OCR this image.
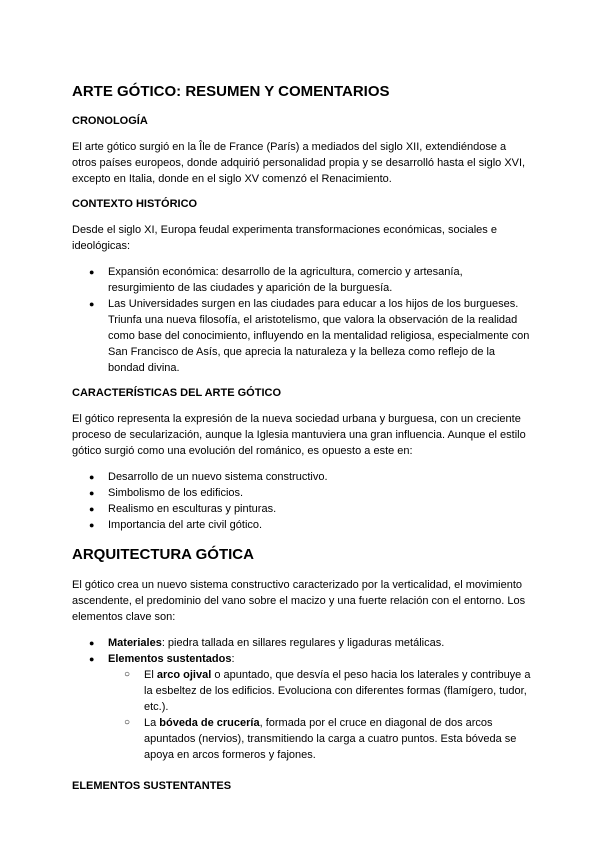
ARTE GÓTICO: RESUMEN Y COMENTARIOS
CRONOLOGÍA

El arte gótico surgió en la Île de France (París) a mediados del siglo XII, extendiéndose a otros países europeos, donde adquirió personalidad propia y se desarrolló hasta el siglo XVI, excepto en Italia, donde en el siglo XV comenzó el Renacimiento.

CONTEXTO HISTÓRICO

Desde el siglo XI, Europa feudal experimenta transformaciones económicas, sociales e ideológicas:

● Expansión económica: desarrollo de la agricultura, comercio y artesanía, resurgimiento de las ciudades y aparición de la burguesía.
● Las Universidades surgen en las ciudades para educar a los hijos de los burgueses. Triunfa una nueva filosofía, el aristotelismo, que valora la observación de la realidad como base del conocimiento, influyendo en la mentalidad religiosa, especialmente con San Francisco de Asís, que aprecia la naturaleza y la belleza como reflejo de la bondad divina.
CARACTERÍSTICAS DEL ARTE GÓTICO

El gótico representa la expresión de la nueva sociedad urbana y burguesa, con un creciente proceso de secularización, aunque la Iglesia mantuviera una gran influencia. Aunque el estilo gótico surgió como una evolución del románico, es opuesto a este en:

● Desarrollo de un nuevo sistema constructivo.
● Simbolismo de los edificios.
● Realismo en esculturas y pinturas.
● Importancia del arte civil gótico.
ARQUITECTURA GÓTICA

El gótico crea un nuevo sistema constructivo caracterizado por la verticalidad, el movimiento ascendente, el predominio del vano sobre el macizo y una fuerte relación con el entorno. Los elementos clave son:

● Materiales: piedra tallada en sillares regulares y ligaduras metálicas.
● Elementos sustentados:
○ El arco ojival o apuntado, que desvía el peso hacia los laterales y contribuye a la esbeltez de los edificios. Evoluciona con diferentes formas (flamígero, tudor, etc.).
○ La bóveda de crucería, formada por el cruce en diagonal de dos arcos apuntados (nervios), transmitiendo la carga a cuatro puntos. Esta bóveda se apoya en arcos formeros y fajones.
ELEMENTOS SUSTENTANTES
